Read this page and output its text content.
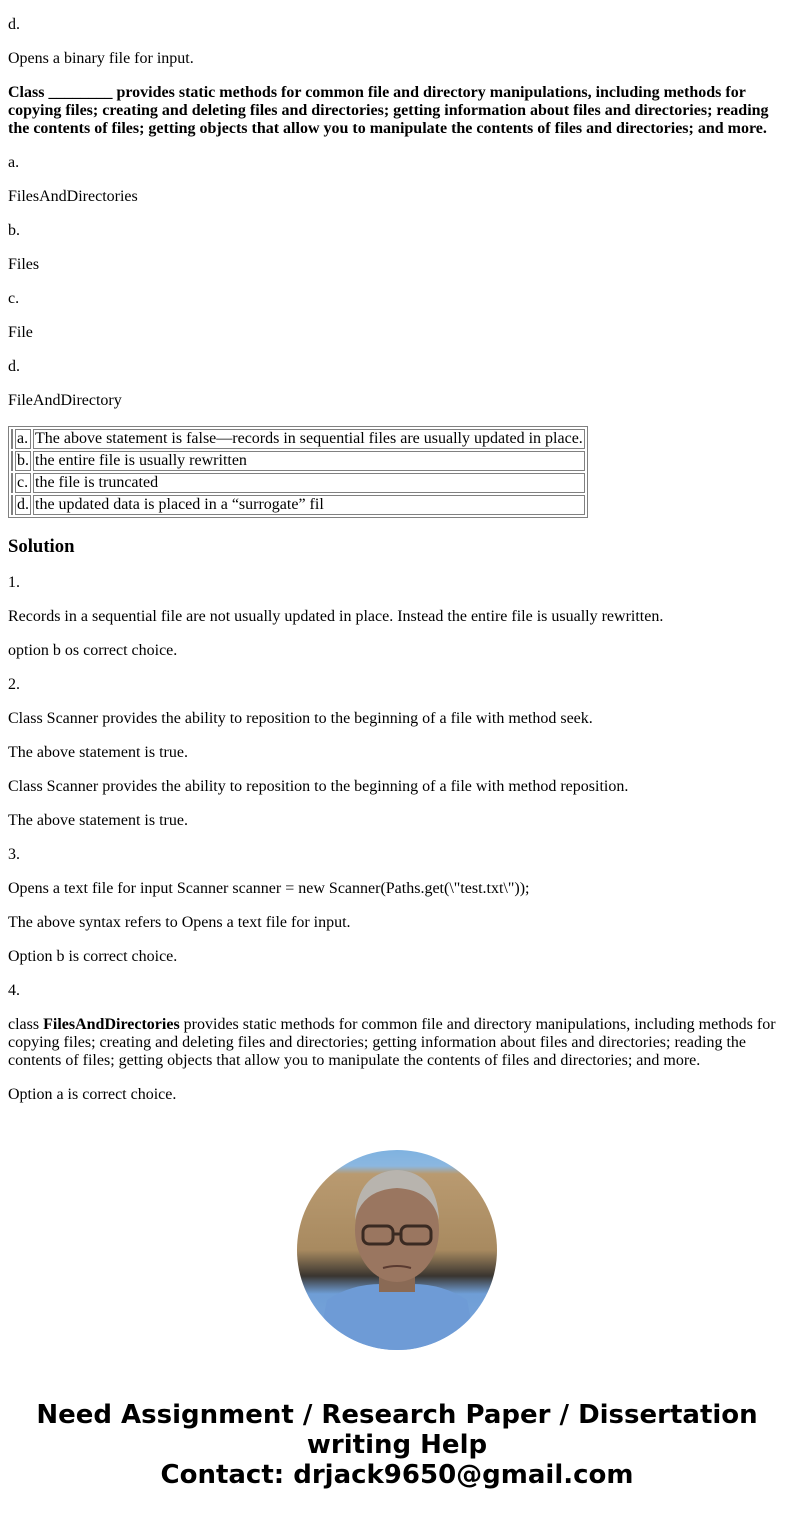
d.

Opens a binary file for input.

Class ________ provides static methods for common file and directory manipulations, including methods for copying files; creating and deleting files and directories; getting information about files and directories; reading the contents of files; getting objects that allow you to manipulate the contents of files and directories; and more.

a.

FilesAndDirectories

b.

Files

c.

File

d.

FileAndDirectory

	a.	The above statement is false—records in sequential files are usually updated in place.
	b.	the entire file is usually rewritten
	c.	the file is truncated
	d.	the updated data is placed in a “surrogate” fil
Solution

1.

Records in a sequential file are not usually updated in place. Instead the entire file is usually rewritten.

option b os correct choice.

2.

Class Scanner provides the ability to reposition to the beginning of a file with method seek.

The above statement is true.

Class Scanner provides the ability to reposition to the beginning of a file with method reposition.

The above statement is true.

3.

Opens a text file for input Scanner scanner = new Scanner(Paths.get(\"test.txt\"));

The above syntax refers to Opens a text file for input.

Option b is correct choice.

4.

class FilesAndDirectories provides static methods for common file and directory manipulations, including methods for copying files; creating and deleting files and directories; getting information about files and directories; reading the contents of files; getting objects that allow you to manipulate the contents of files and directories; and more.

Option a is correct choice.

Need Assignment / Research Paper / Dissertation writing Help
Contact: drjack9650@gmail.com
